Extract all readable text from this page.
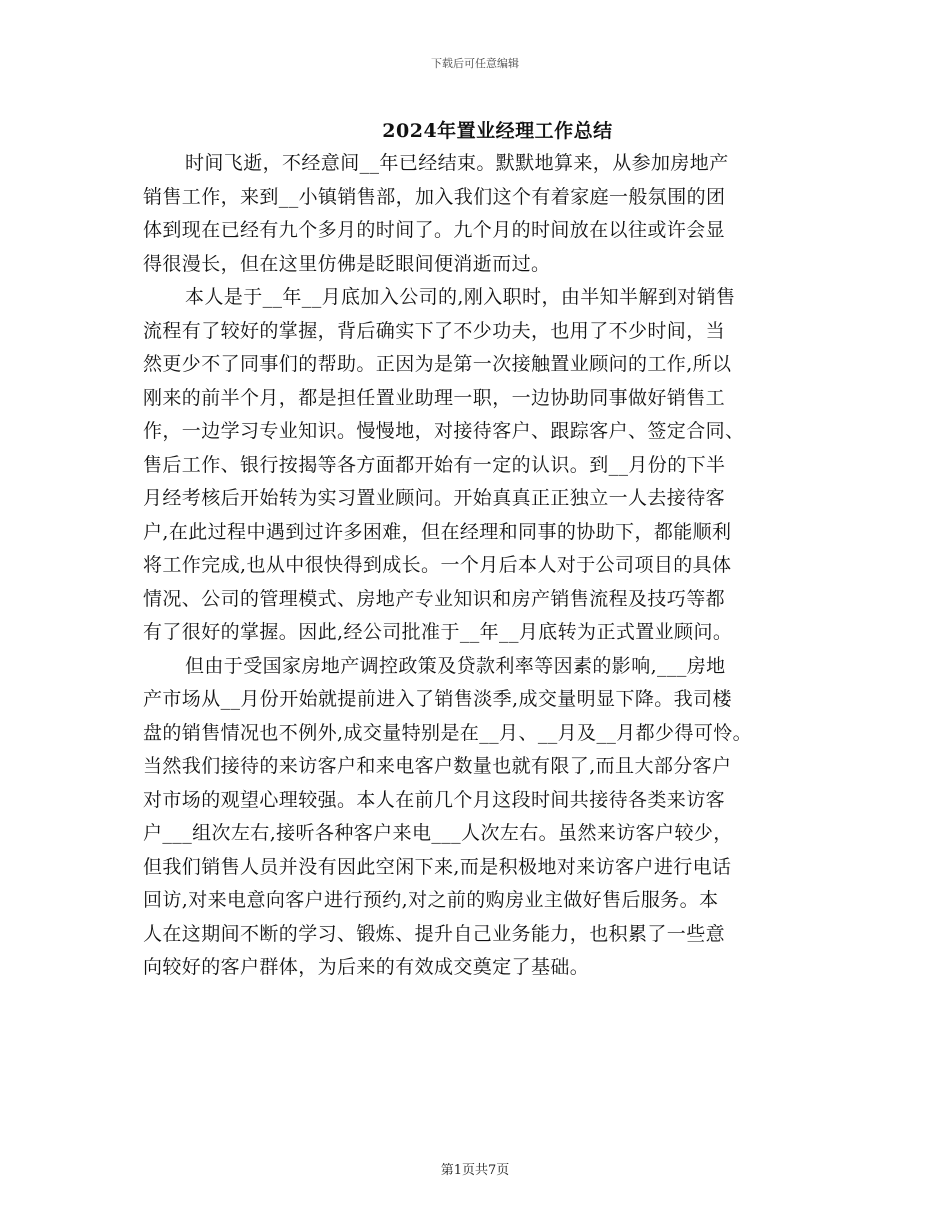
下载后可任意编辑
2024年置业经理工作总结
时间飞逝，不经意间__年已经结束。默默地算来，从参加房地产
销售工作，来到__小镇销售部，加入我们这个有着家庭一般氛围的团
体到现在已经有九个多月的时间了。九个月的时间放在以往或许会显
得很漫长，但在这里仿佛是眨眼间便消逝而过。
本人是于__年__月底加入公司的,刚入职时，由半知半解到对销售
流程有了较好的掌握，背后确实下了不少功夫，也用了不少时间，当
然更少不了同事们的帮助。正因为是第一次接触置业顾问的工作,所以
刚来的前半个月，都是担任置业助理一职，一边协助同事做好销售工
作，一边学习专业知识。慢慢地，对接待客户、跟踪客户、签定合同、
售后工作、银行按揭等各方面都开始有一定的认识。到__月份的下半
月经考核后开始转为实习置业顾问。开始真真正正独立一人去接待客
户,在此过程中遇到过许多困难，但在经理和同事的协助下，都能顺利
将工作完成,也从中很快得到成长。一个月后本人对于公司项目的具体
情况、公司的管理模式、房地产专业知识和房产销售流程及技巧等都
有了很好的掌握。因此,经公司批准于__年__月底转为正式置业顾问。
但由于受国家房地产调控政策及贷款利率等因素的影响,___房地
产市场从__月份开始就提前进入了销售淡季,成交量明显下降。我司楼
盘的销售情况也不例外,成交量特别是在__月、__月及__月都少得可怜。
当然我们接待的来访客户和来电客户数量也就有限了,而且大部分客户
对市场的观望心理较强。本人在前几个月这段时间共接待各类来访客
户___组次左右,接听各种客户来电___人次左右。虽然来访客户较少，
但我们销售人员并没有因此空闲下来,而是积极地对来访客户进行电话
回访,对来电意向客户进行预约,对之前的购房业主做好售后服务。本
人在这期间不断的学习、锻炼、提升自己业务能力，也积累了一些意
向较好的客户群体，为后来的有效成交奠定了基础。
第1页共7页
